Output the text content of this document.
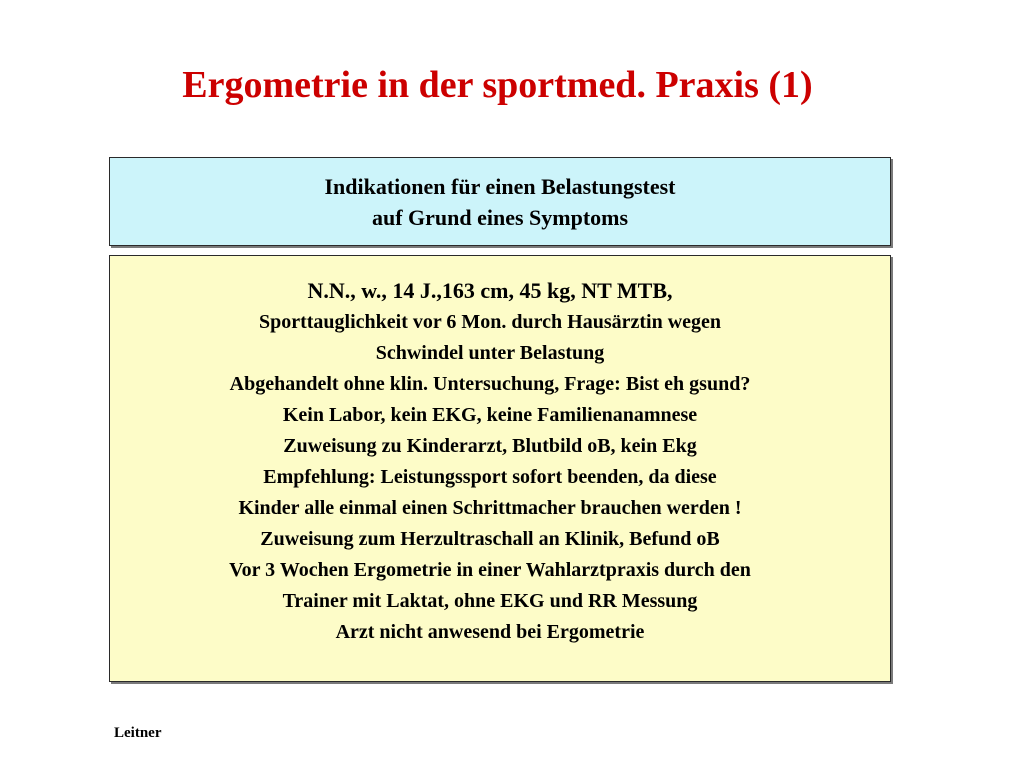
Ergometrie in der sportmed. Praxis (1)
Indikationen für einen Belastungstest
auf Grund eines Symptoms
N.N., w., 14 J.,163 cm, 45 kg, NT MTB,
Sporttauglichkeit vor 6 Mon. durch Hausärztin wegen
Schwindel unter Belastung
Abgehandelt ohne klin. Untersuchung, Frage: Bist eh gsund?
Kein Labor, kein EKG, keine Familienanamnese
Zuweisung zu Kinderarzt, Blutbild oB, kein Ekg
Empfehlung: Leistungssport sofort beenden, da diese
Kinder alle einmal einen Schrittmacher brauchen werden !
Zuweisung zum Herzultraschall an Klinik, Befund oB
Vor 3 Wochen Ergometrie in einer Wahlarztpraxis durch den
Trainer mit Laktat, ohne EKG und RR Messung
Arzt nicht anwesend bei Ergometrie
Leitner
